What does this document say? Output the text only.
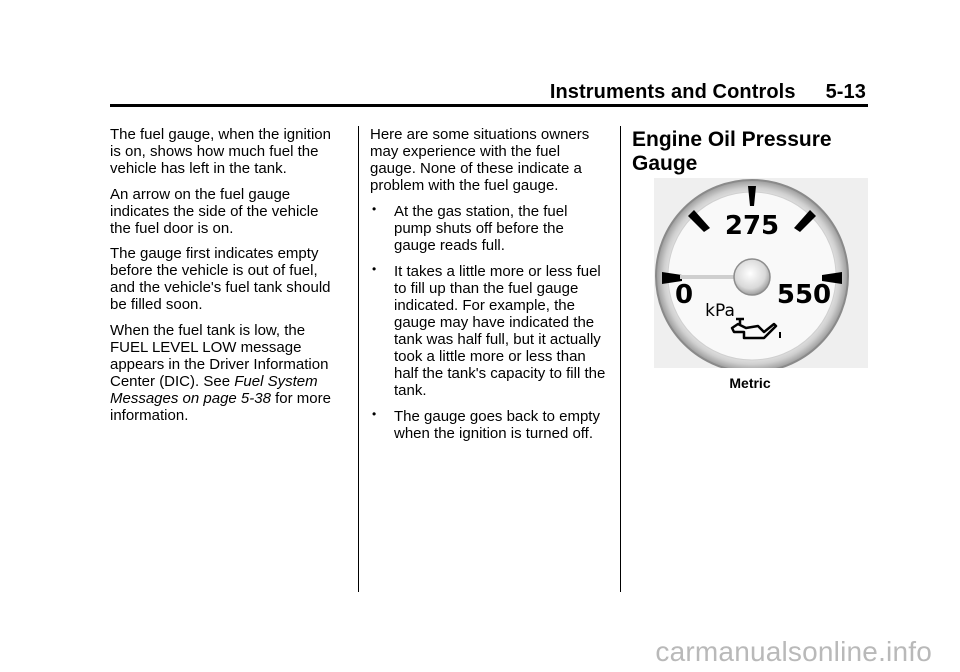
Instruments and Controls 5-13

The fuel gauge, when the ignition is on, shows how much fuel the vehicle has left in the tank.

An arrow on the fuel gauge indicates the side of the vehicle the fuel door is on.

The gauge first indicates empty before the vehicle is out of fuel, and the vehicle's fuel tank should be filled soon.

When the fuel tank is low, the FUEL LEVEL LOW message appears in the Driver Information Center (DIC). See Fuel System Messages on page 5-38 for more information.

Here are some situations owners may experience with the fuel gauge. None of these indicate a problem with the fuel gauge.

• At the gas station, the fuel pump shuts off before the gauge reads full.
• It takes a little more or less fuel to fill up than the fuel gauge indicated. For example, the gauge may have indicated the tank was half full, but it actually took a little more or less than half the tank's capacity to fill the tank.
• The gauge goes back to empty when the ignition is turned off.
Engine Oil Pressure Gauge
275
0	550
kPa
Metric
carmanualsonline.info
